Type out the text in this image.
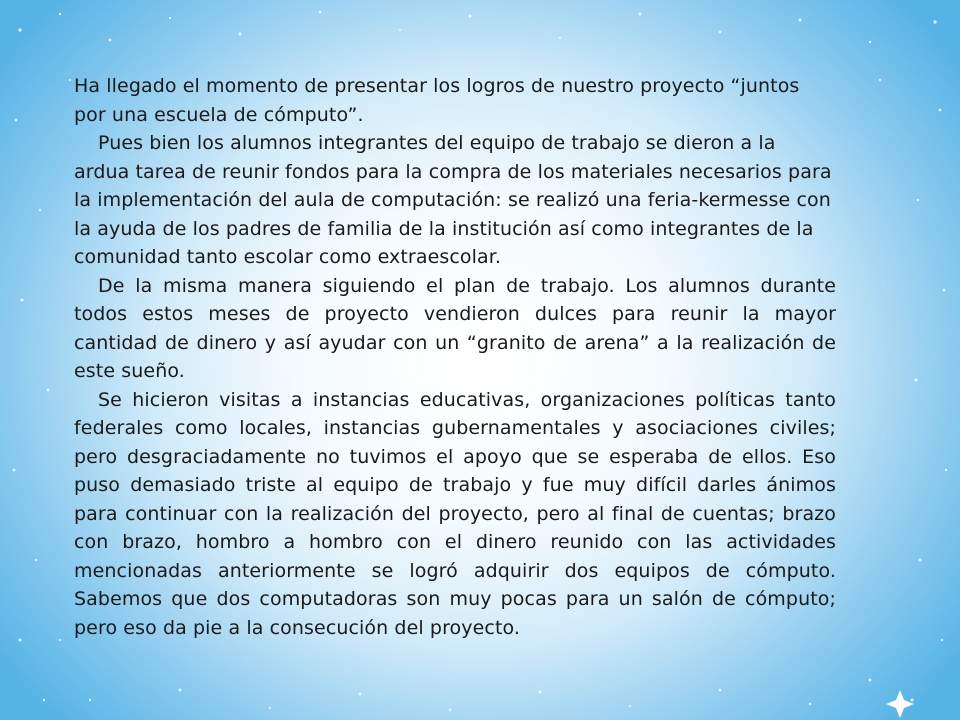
Ha llegado el momento de presentar los logros de nuestro proyecto “juntos por una escuela de cómputo”.

Pues bien los alumnos integrantes del equipo de trabajo se dieron a la ardua tarea de reunir fondos para la compra de los materiales necesarios para la implementación del aula de computación: se realizó una feria-kermesse con la ayuda de los padres de familia de la institución así como integrantes de la comunidad tanto escolar como extraescolar.

De la misma manera siguiendo el plan de trabajo. Los alumnos durante todos estos meses de proyecto vendieron dulces para reunir la mayor cantidad de dinero y así ayudar con un “granito de arena” a la realización de este sueño.

Se hicieron visitas a instancias educativas, organizaciones políticas tanto federales como locales, instancias gubernamentales y asociaciones civiles; pero desgraciadamente no tuvimos el apoyo que se esperaba de ellos. Eso puso demasiado triste al equipo de trabajo y fue muy difícil darles ánimos para continuar con la realización del proyecto, pero al final de cuentas; brazo con brazo, hombro a hombro con el dinero reunido con las actividades mencionadas anteriormente se logró adquirir dos equipos de cómputo. Sabemos que dos computadoras son muy pocas para un salón de cómputo; pero eso da pie a la consecución del proyecto.
